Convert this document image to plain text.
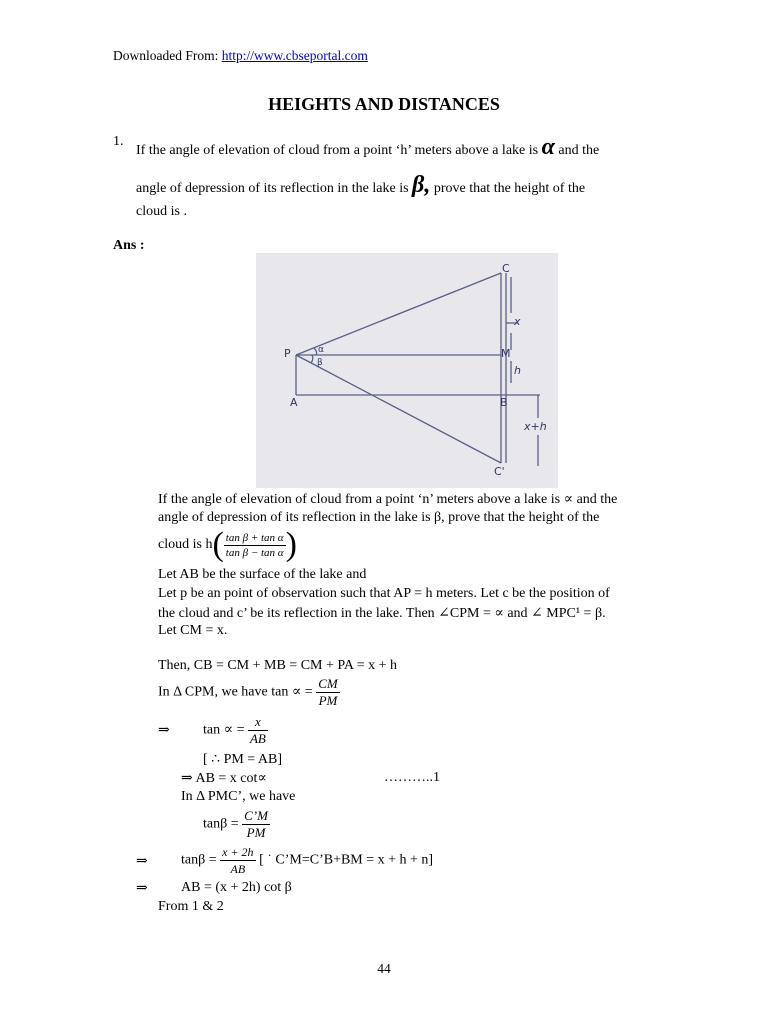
Downloaded From: http://www.cbseportal.com
HEIGHTS AND DISTANCES
1.
If the angle of elevation of cloud from a point ‘h’ meters above a lake is α and the
angle of depression of its reflection in the lake is β, prove that the height of the
cloud is .
Ans :
C
P	M
A	B
C'
α
β
x
h
x+h
If the angle of elevation of cloud from a point ‘n’ meters above a lake is ∝ and the
angle of depression of its reflection in the lake is β, prove that the height of the
cloud is $h( \frac{\text{tan β + tan α}}{\text{tan β − tan α}}$ )
Let AB be the surface of the lake and
Let p be an point of observation such that AP = h meters. Let c be the position of
the cloud and c’ be its reflection in the lake. Then ∠CPM = ∝ and ∠ MPC¹ = β.
Let CM = x.
Then, CB = CM + MB = CM + PA = x + h
In Δ CPM, we have tan ∝ = $\frac{CM}{PM}$
⇒ tan ∝ = $\frac{x}{AB}$
[ ∴ PM = AB]
⇒ AB = x cot∝	………..1
In Δ PMC’, we have
$\tan\beta = \frac{C’M}{PM}$
⇒ $\tan\beta = \frac{x + 2h}{AB}$ [ ˙ C’M=C’B+BM = x + h + n]
⇒ AB = (x + 2h) cot β
From 1 & 2
44
